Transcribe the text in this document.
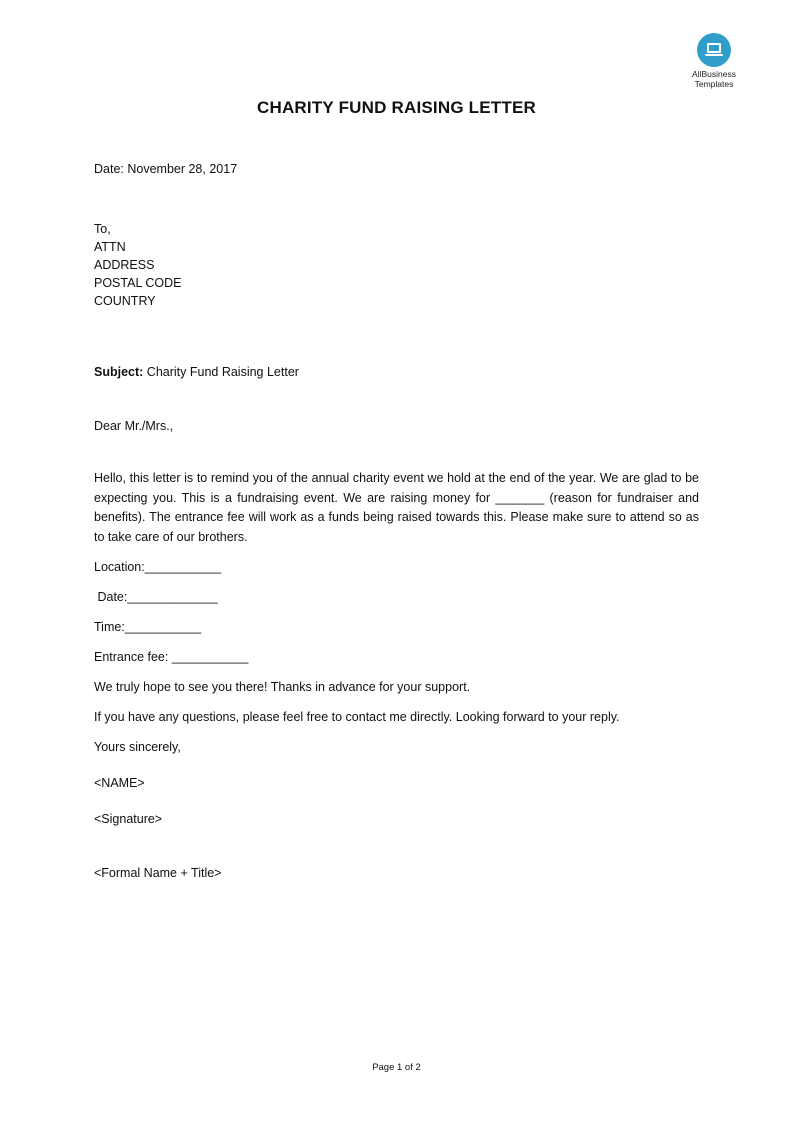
AllBusiness
Templates
CHARITY FUND RAISING LETTER
Date: November 28, 2017
To,
ATTN
ADDRESS
POSTAL CODE
COUNTRY
Subject: Charity Fund Raising Letter
Dear Mr./Mrs.,

Hello, this letter is to remind you of the annual charity event we hold at the end of the year. We are glad to be expecting you. This is a fundraising event. We are raising money for _______ (reason for fundraiser and benefits). The entrance fee will work as a funds being raised towards this. Please make sure to attend so as to take care of our brothers.

Location:___________
Date:_____________
Time:___________
Entrance fee: ___________
We truly hope to see you there! Thanks in advance for your support.
If you have any questions, please feel free to contact me directly. Looking forward to your reply.
Yours sincerely,
<NAME>
<Signature>
<Formal Name + Title>
Page 1 of 2
